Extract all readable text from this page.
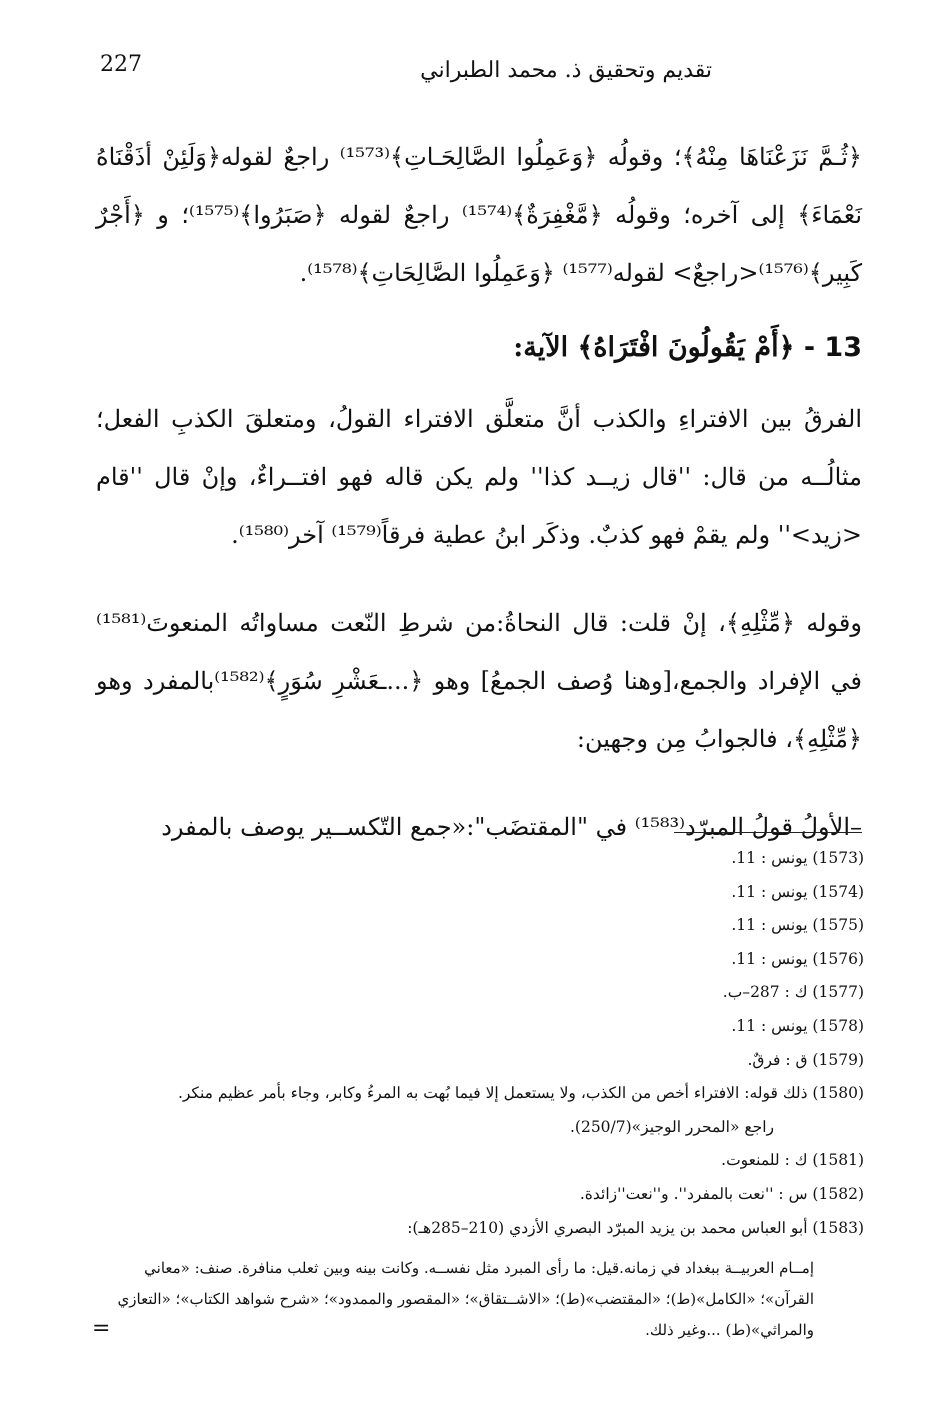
227	تقديم وتحقيق ذ. محمد الطبراني

﴿ثُـمَّ نَزَعْنَاهَا مِنْهُ﴾؛ وقولُه ﴿وَعَمِلُوا الصَّالِحَـاتِ﴾⁽¹⁵⁷³⁾ راجعٌ لقوله﴿وَلَئِنْ أذَقْنَاهُ نَعْمَاءَ﴾ إلى آخره؛ وقولُه ﴿مَّغْفِرَةٌ﴾⁽¹⁵⁷⁴⁾ راجعٌ لقوله ﴿صَبَرُوا﴾⁽¹⁵⁷⁵⁾؛ و ﴿أَجْرٌ كَبِير﴾⁽¹⁵⁷⁶⁾<راجعٌ> لقوله⁽¹⁵⁷⁷⁾ ﴿وَعَمِلُوا الصَّالِحَاتِ﴾⁽¹⁵⁷⁸⁾.

13 - ﴿أَمْ يَقُولُونَ افْتَرَاهُ﴾ الآية:

الفرقُ بين الافتراءِ والكذب أنَّ متعلَّق الافتراء القولُ، ومتعلقَ الكذبِ الفعل؛ مثالُــه من قال: ''قال زيــد كذا'' ولم يكن قاله فهو افتــراءٌ، وإنْ قال ''قام <زيد>'' ولم يقمْ فهو كذبٌ. وذكَر ابنُ عطية فرقاً⁽¹⁵⁷⁹⁾ آخر⁽¹⁵⁸⁰⁾.

وقوله ﴿مِّثْلِهِ﴾، إنْ قلت: قال النحاةُ:من شرطِ النّعت مساواتُه المنعوتَ⁽¹⁵⁸¹⁾ في الإفراد والجمع،[وهنا وُصف الجمعُ] وهو ﴿...ـعَشْرِ سُوَرٍ﴾⁽¹⁵⁸²⁾بالمفرد وهو ﴿مِّثْلِهِ﴾، فالجوابُ مِن وجهين:

–الأولُ قولُ المبرّد⁽¹⁵⁸³⁾ في "المقتضَب":«جمع التّكســير يوصف بالمفرد

(1573) يونس : 11.
(1574) يونس : 11.
(1575) يونس : 11.
(1576) يونس : 11.
(1577) ك : 287–ب.
(1578) يونس : 11.
(1579) ق : فرقٌ.
(1580) ذلك قوله: الافتراء أخص من الكذب، ولا يستعمل إلا فيما بُهت به المرءُ وكابر، وجاء بأمر عظيم منكر.
راجع «المحرر الوجيز»(250/7).
(1581) ك : للمنعوت.
(1582) س : ''نعت بالمفرد''. و''نعت''زائدة.
(1583) أبو العباس محمد بن يزيد المبرّد البصري الأزدي (210–285هـ):
إمــام العربيــة ببغداد في زمانه.قيل: ما رأى المبرد مثل نفســه. وكانت بينه وبين ثعلب منافرة. صنف: «معاني القرآن»؛ «الكامل»(ط)؛ «المقتضب»(ط)؛ «الاشــتقاق»؛ «المقصور والممدود»؛ «شرح شواهد الكتاب»؛ «التعازي والمراثي»(ط) ...وغير ذلك.
=
